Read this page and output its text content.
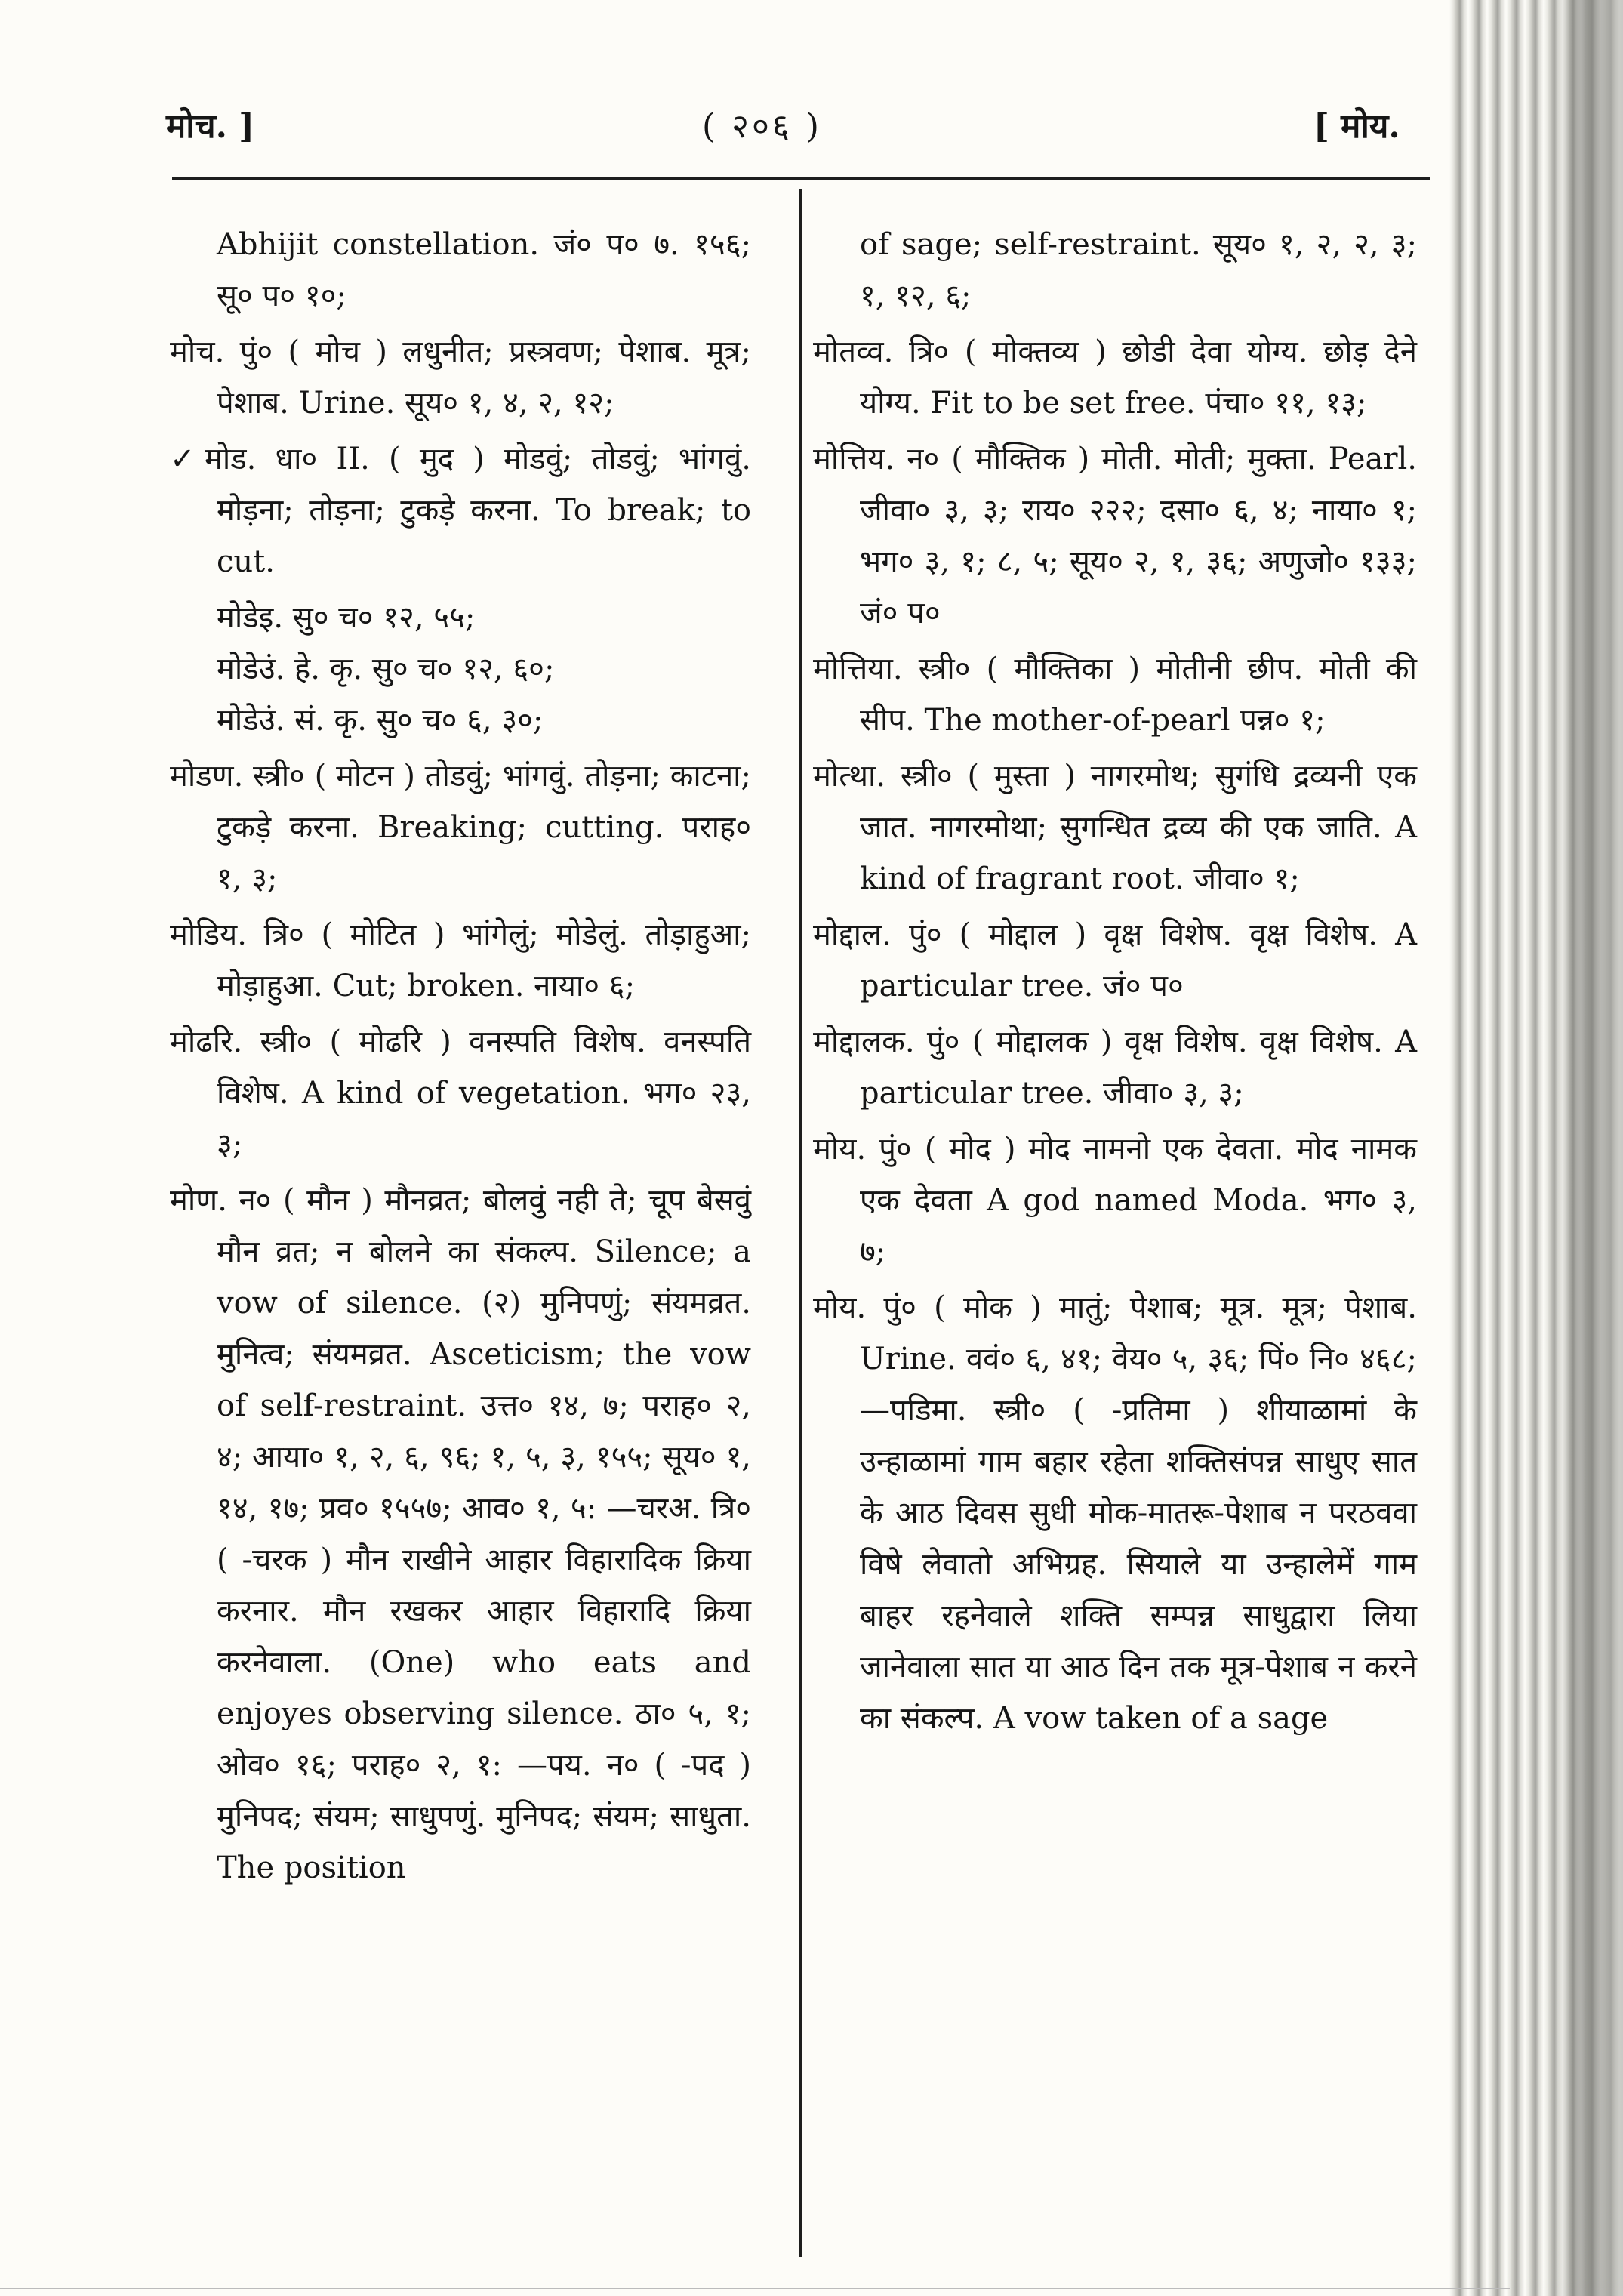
मोच. ]	( २०६ )	[ मोय.

Abhijit constellation. जं० प० ७. १५६; सू० प० १०;

मोच. पुं० ( मोच ) लधुनीत; प्रस्त्रवण; पेशाब. मूत्र; पेशाब. Urine. सूय० १, ४, २, १२;

✓मोड. धा० II. ( मुद ) मोडवुं; तोडवुं; भांगवुं. मोड़ना; तोड़ना; टुकड़े करना. To break; to cut.

मोडेइ. सु० च० १२, ५५;

मोडेउं. हे. कृ. सु० च० १२, ६०;

मोडेउं. सं. कृ. सु० च० ६, ३०;

मोडण. स्त्री० ( मोटन ) तोडवुं; भांगवुं. तोड़ना; काटना; टुकड़े करना. Breaking; cutting. पराह० १, ३;

मोडिय. त्रि० ( मोटित ) भांगेलुं; मोडेलुं. तोड़ाहुआ; मोड़ाहुआ. Cut; broken. नाया० ६;

मोढरि. स्त्री० ( मोढरि ) वनस्पति विशेष. वनस्पति विशेष. A kind of vegetation. भग० २३, ३;

मोण. न० ( मौन ) मौनव्रत; बोलवुं नही ते; चूप बेसवुं मौन व्रत; न बोलने का संकल्प. Silence; a vow of silence. (२) मुनिपणुं; संयमव्रत. मुनित्व; संयमव्रत. Asceticism; the vow of self-restraint. उत्त० १४, ७; पराह० २, ४; आया० १, २, ६, ९६; १, ५, ३, १५५; सूय० १, १४, १७; प्रव० १५५७; आव० १, ५: —चरअ. त्रि० ( -चरक ) मौन राखीने आहार विहारादिक क्रिया करनार. मौन रखकर आहार विहारादि क्रिया करनेवाला. (One) who eats and enjoyes observing silence. ठा० ५, १; ओव० १६; पराह० २, १: —पय. न० ( -पद ) मुनिपद; संयम; साधुपणुं. मुनिपद; संयम; साधुता. The position

of sage; self-restraint. सूय० १, २, २, ३; १, १२, ६;

मोतव्व. त्रि० ( मोक्तव्य ) छोडी देवा योग्य. छोड़ देने योग्य. Fit to be set free. पंचा० ११, १३;

मोत्तिय. न० ( मौक्तिक ) मोती. मोती; मुक्ता. Pearl. जीवा० ३, ३; राय० २२२; दसा० ६, ४; नाया० १; भग० ३, १; ८, ५; सूय० २, १, ३६; अणुजो० १३३; जं० प०

मोत्तिया. स्त्री० ( मौक्तिका ) मोतीनी छीप. मोती की सीप. The mother-of-pearl पन्न० १;

मोत्था. स्त्री० ( मुस्ता ) नागरमोथ; सुगंधि द्रव्यनी एक जात. नागरमोथा; सुगन्धित द्रव्य की एक जाति. A kind of fragrant root. जीवा० १;

मोद्दाल. पुं० ( मोद्दाल ) वृक्ष विशेष. वृक्ष विशेष. A particular tree. जं० प०

मोद्दालक. पुं० ( मोद्दालक ) वृक्ष विशेष. वृक्ष विशेष. A particular tree. जीवा० ३, ३;

मोय. पुं० ( मोद ) मोद नामनो एक देवता. मोद नामक एक देवता A god named Moda. भग० ३, ७;

मोय. पुं० ( मोक ) मातुं; पेशाब; मूत्र. मूत्र; पेशाब. Urine. ववं० ६, ४१; वेय० ५, ३६; पिं० नि० ४६८; —पडिमा. स्त्री० ( -प्रतिमा ) शीयाळामां के उन्हाळामां गाम बहार रहेता शक्तिसंपन्न साधुए सात के आठ दिवस सुधी मोक-मातरू-पेशाब न परठववा विषे लेवातो अभिग्रह. सियाले या उन्हालेमें गाम बाहर रहनेवाले शक्ति सम्पन्न साधुद्वारा लिया जानेवाला सात या आठ दिन तक मूत्र-पेशाब न करने का संकल्प. A vow taken of a sage
